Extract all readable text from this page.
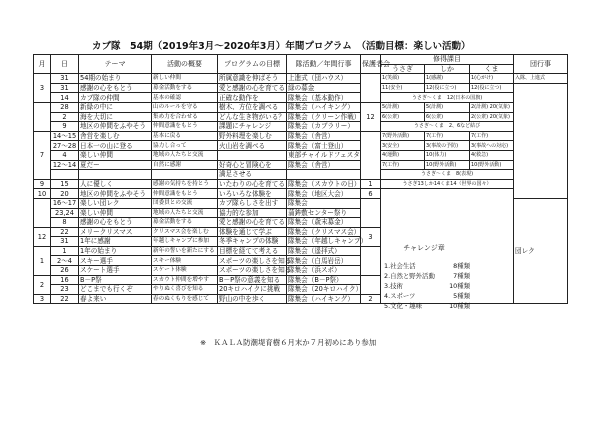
カブ隊　54期（2019年3月～2020年3月）年間プログラム　（活動目標：楽しい活動）
月	日	テーマ	活動の概要	プログラムの目標	隊活動／年間行事	保護者会	修得課目			団行事
							うさぎ	しか	くま	
3	31	54期の始まり	新しい仲間	所属意識を伸ばそう	上進式（団ハウス）		1(笑顔)	1(感謝)	1(心がけ)	入隊、上進式
	31	感謝の心をもとう	募金活動をする	愛と感謝の心を育てる	緑の募金		11(安全)	12(役に立つ)	12(役に立つ)	
	14	カブ隊の仲間	基本の確認	正確な動作を	隊集会（基本動作）		うさぎ～くま　12(日本の国旗)			
	28	新緑の中に	山のルールを守る	樹木、方位を調べる	隊集会（ハイキング）	12	5(計測)	5(計測)	2(計測) 20(気象)	
	2	海を大切に	集め力を合わせる	どんな生き物がいる？	隊集会（クリーン作戦）		6(公衆)	6(公衆)	2(公衆) 20(気象)	
	9	地区の仲間をふやそう	仲間意識をもとう	課題にチャレンジ	隊集会（カブラリー）		うさぎ～くま　2、6など結び			
7	14～15	舎営を楽しむ	基本に戻る	野外料理を楽しむ	隊集会（舎営）		7(野外活動)	7(工作)	7(工作)	
	27～28	日本一の山に登る	協力し合って	火山岩を調べる	隊集会（富士登山）		3(安全)	3(事故の予防)	3(事故への対応)	
	4	楽しい仲間	地域の人たちと交流		東部チャイルドフェスタ		4(運動)	10(体力)	4(救急)	
	12～14	夏だー	自然に感謝	好奇心と冒険心を	隊集会（舎営）		7(工作)	10(野外活動)	10(野外活動)	
				満足させる			うさぎ～くま　8(表現)			
9	15	人に優しく	感謝の気持ちを持とう	いたわりの心を育てる	隊集会（スカウトの日）	1	うさぎ13しか14くま14（世界の国々）			
10	20	地区の仲間をふやそう	仲間意識をもとう	いろいろな体験を	隊集会（地区大会）	6				
	16～17	楽しい団レク	団委員との交流	カブ隊らしさを出す	隊集会					団レク
	23,24	楽しい仲間	地域の人たちと交流	協力的な参加	蒲鉾敷センター祭り					
	8	感謝の心をもとう	募金活動をする	愛と感謝の心を育てる	隊集会（歳末募金）					
12	22	メリークリスマス	クリスマス会を楽しむ	体験を通じて学ぶ	隊集会（クリスマス会）	3				
	31	1年に感謝	年越しキャンプに参加	冬季キャンプの体験	隊集会（年越しキャンプ）					
1	1	1年の始まり	新年の誓いを新たにする	目標を経てて考える	隊集会（遥拝式）					
	2～4	スキー選手	スキー体験	スポーツの楽しさを知る	隊集会（白馬岩岳）					
	26	スケート選手	スケート体験	スポーツの楽しさを知る	隊集会（浜スポ）					
2	16	B－P祭	スカウト仲間を増やす	B－P祭の意義を知る	隊集会（B－P祭）					
	23	どこまでも行くぞ	やりぬく喜びを知る	20キロハイクに挑戦	隊集会（20キロハイク）					
3	22	春よ来い	春のぬくもりを感じて	野山の中を歩く	隊集会（ハイキング）	2				
チャレンジ章
1.社会生活	8種類
2.自然と野外活動	7種類
3.技術	10種類
4.スポーツ	5種類
5.文化・趣味	10種類
※　ＫＡＬＡ防潮堤育樹６月末か７月初めにあり参加
